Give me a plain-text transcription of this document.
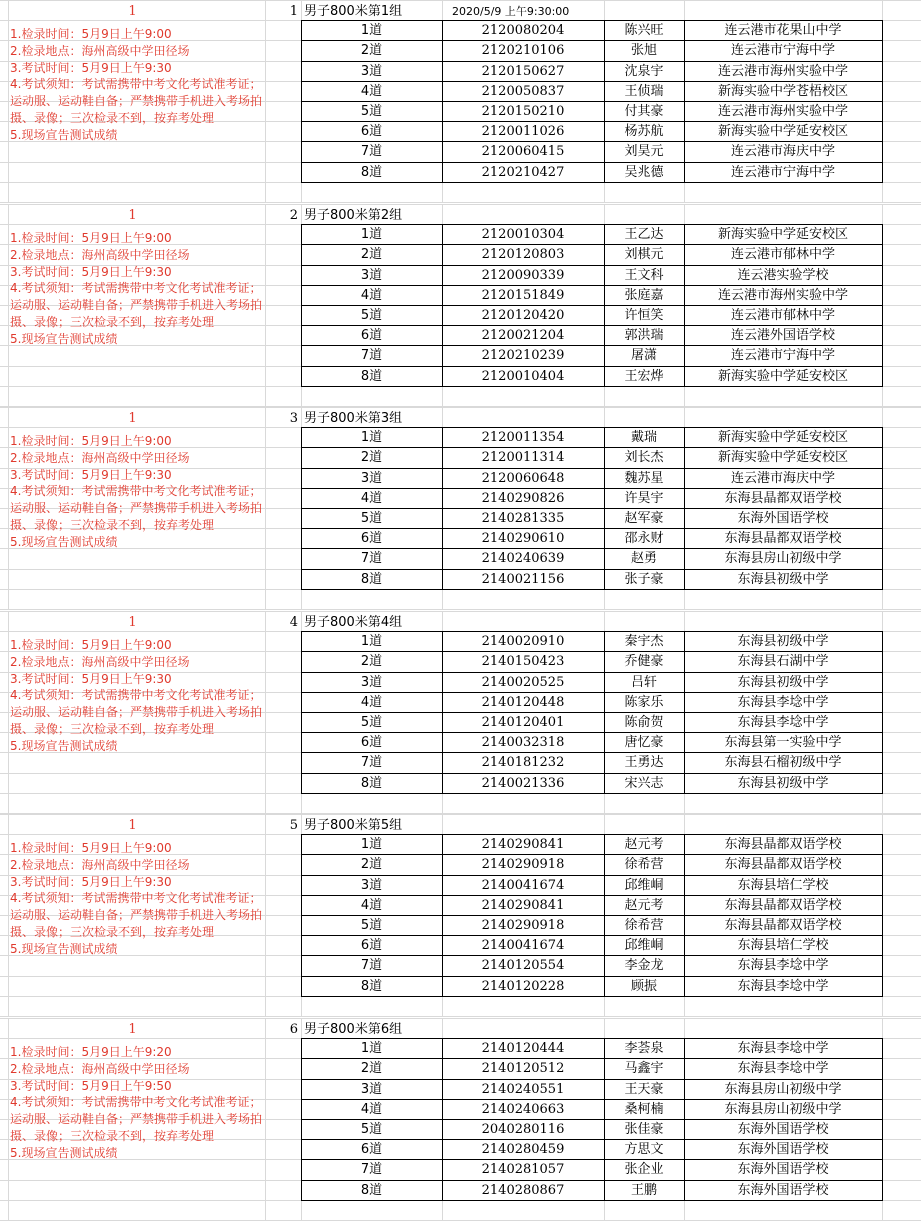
1
1.检录时间：5月9日上午9:00
2.检录地点：海州高级中学田径场
3.考试时间：5月9日上午9:30
4.考试须知：考试需携带中考文化考试准考证；运动服、运动鞋自备；严禁携带手机进入考场拍摄、录像；三次检录不到，按弃考处理
5.现场宣告测试成绩
1 男子800米第1组	2020/5/9 上午9:30:00
1道	2120080204	陈兴旺	连云港市花果山中学
2道	2120210106	张旭	连云港市宁海中学
3道	2120150627	沈泉宇	连云港市海州实验中学
4道	2120050837	王侦瑞	新海实验中学苍梧校区
5道	2120150210	付其豪	连云港市海州实验中学
6道	2120011026	杨苏航	新海实验中学延安校区
7道	2120060415	刘昊元	连云港市海庆中学
8道	2120210427	吴兆德	连云港市宁海中学
1
1.检录时间：5月9日上午9:00
2.检录地点：海州高级中学田径场
3.考试时间：5月9日上午9:30
4.考试须知：考试需携带中考文化考试准考证；运动服、运动鞋自备；严禁携带手机进入考场拍摄、录像；三次检录不到，按弃考处理
5.现场宣告测试成绩
2 男子800米第2组
1道	2120010304	王乙达	新海实验中学延安校区
2道	2120120803	刘棋元	连云港市郁林中学
3道	2120090339	王文科	连云港实验学校
4道	2120151849	张庭嘉	连云港市海州实验中学
5道	2120120420	许恒笑	连云港市郁林中学
6道	2120021204	郭洪瑞	连云港外国语学校
7道	2120210239	屠潇	连云港市宁海中学
8道	2120010404	王宏烨	新海实验中学延安校区
1
1.检录时间：5月9日上午9:00
2.检录地点：海州高级中学田径场
3.考试时间：5月9日上午9:30
4.考试须知：考试需携带中考文化考试准考证；运动服、运动鞋自备；严禁携带手机进入考场拍摄、录像；三次检录不到，按弃考处理
5.现场宣告测试成绩
3 男子800米第3组
1道	2120011354	戴瑞	新海实验中学延安校区
2道	2120011314	刘长杰	新海实验中学延安校区
3道	2120060648	魏苏星	连云港市海庆中学
4道	2140290826	许昊宇	东海县晶都双语学校
5道	2140281335	赵军豪	东海外国语学校
6道	2140290610	邵永财	东海县晶都双语学校
7道	2140240639	赵勇	东海县房山初级中学
8道	2140021156	张子豪	东海县初级中学
1
1.检录时间：5月9日上午9:00
2.检录地点：海州高级中学田径场
3.考试时间：5月9日上午9:30
4.考试须知：考试需携带中考文化考试准考证；运动服、运动鞋自备；严禁携带手机进入考场拍摄、录像；三次检录不到，按弃考处理
5.现场宣告测试成绩
4 男子800米第4组
1道	2140020910	秦宇杰	东海县初级中学
2道	2140150423	乔健豪	东海县石湖中学
3道	2140020525	吕轩	东海县初级中学
4道	2140120448	陈家乐	东海县李埝中学
5道	2140120401	陈俞贺	东海县李埝中学
6道	2140032318	唐忆豪	东海县第一实验中学
7道	2140181232	王勇达	东海县石榴初级中学
8道	2140021336	宋兴志	东海县初级中学
1
1.检录时间：5月9日上午9:00
2.检录地点：海州高级中学田径场
3.考试时间：5月9日上午9:30
4.考试须知：考试需携带中考文化考试准考证；运动服、运动鞋自备；严禁携带手机进入考场拍摄、录像；三次检录不到，按弃考处理
5.现场宣告测试成绩
5 男子800米第5组
1道	2140290841	赵元考	东海县晶都双语学校
2道	2140290918	徐希营	东海县晶都双语学校
3道	2140041674	邱维峒	东海县培仁学校
4道	2140290841	赵元考	东海县晶都双语学校
5道	2140290918	徐希营	东海县晶都双语学校
6道	2140041674	邱维峒	东海县培仁学校
7道	2140120554	李金龙	东海县李埝中学
8道	2140120228	顾振	东海县李埝中学
1
1.检录时间：5月9日上午9:20
2.检录地点：海州高级中学田径场
3.考试时间：5月9日上午9:50
4.考试须知：考试需携带中考文化考试准考证；运动服、运动鞋自备；严禁携带手机进入考场拍摄、录像；三次检录不到，按弃考处理
5.现场宣告测试成绩
6 男子800米第6组
1道	2140120444	李荟泉	东海县李埝中学
2道	2140120512	马鑫宇	东海县李埝中学
3道	2140240551	王天豪	东海县房山初级中学
4道	2140240663	桑柯楠	东海县房山初级中学
5道	2040280116	张佳豪	东海外国语学校
6道	2140280459	方思文	东海外国语学校
7道	2140281057	张企业	东海外国语学校
8道	2140280867	王鹏	东海外国语学校
